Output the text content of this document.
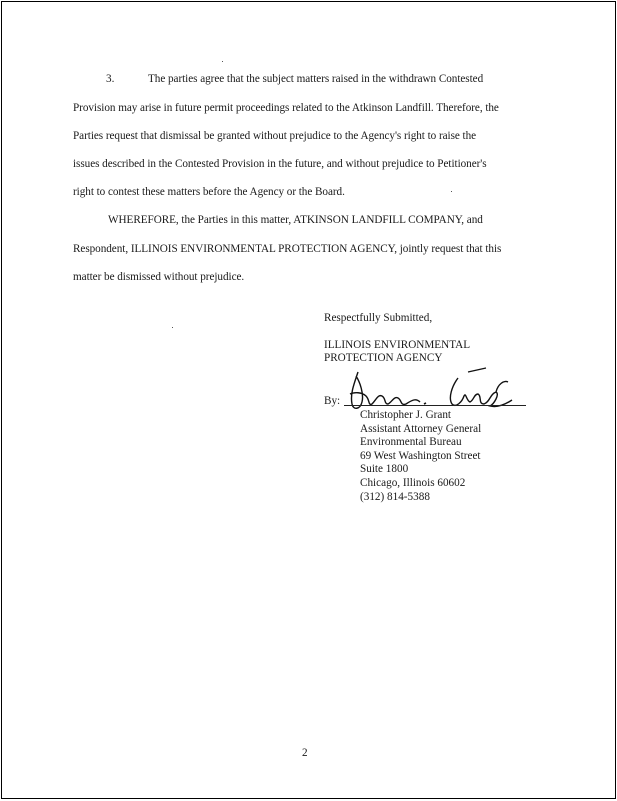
3.	The parties agree that the subject matters raised in the withdrawn Contested
Provision may arise in future permit proceedings related to the Atkinson Landfill. Therefore, the
Parties request that dismissal be granted without prejudice to the Agency's right to raise the
issues described in the Contested Provision in the future, and without prejudice to Petitioner's
right to contest these matters before the Agency or the Board.
WHEREFORE, the Parties in this matter, ATKINSON LANDFILL COMPANY, and
Respondent, ILLINOIS ENVIRONMENTAL PROTECTION AGENCY, jointly request that this
matter be dismissed without prejudice.
Respectfully Submitted,
ILLINOIS ENVIRONMENTAL
PROTECTION AGENCY
By:
Christopher J. Grant
Assistant Attorney General
Environmental Bureau
69 West Washington Street
Suite 1800
Chicago, Illinois 60602
(312) 814-5388
2
